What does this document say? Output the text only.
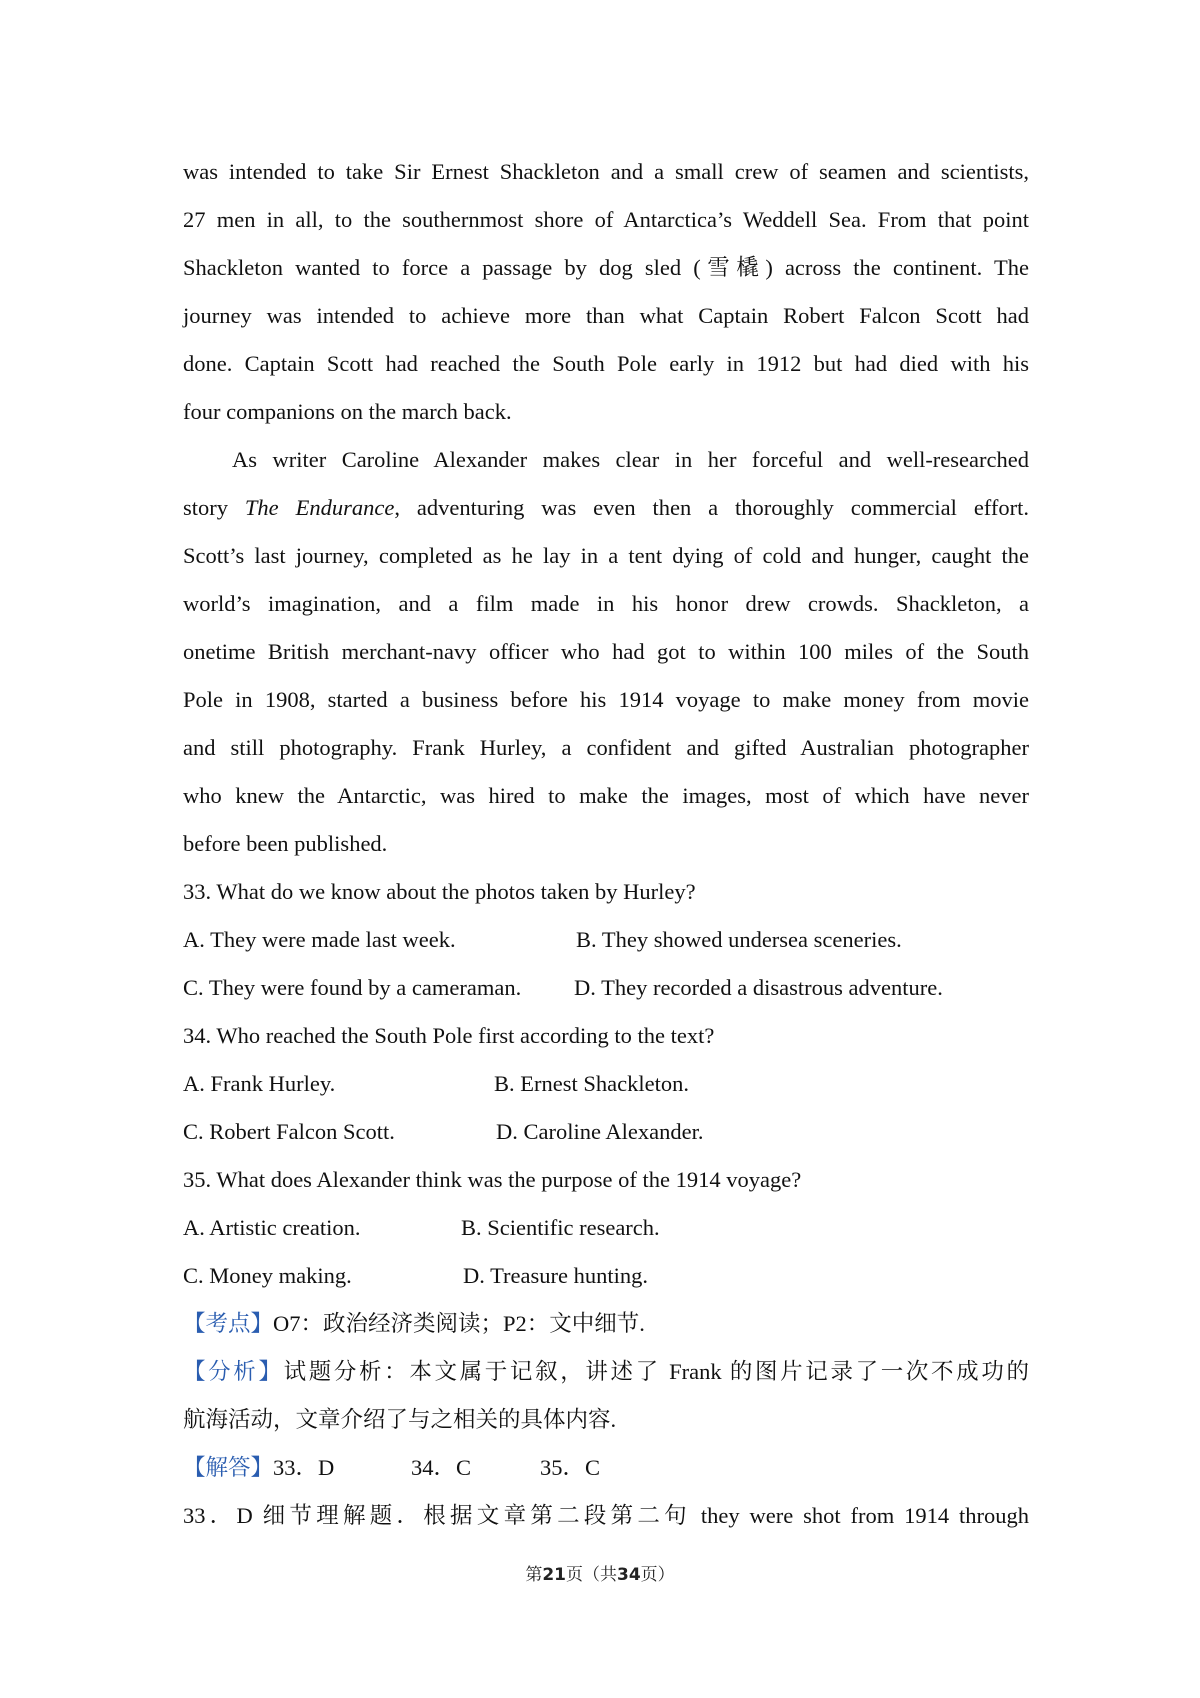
was intended to take Sir Ernest Shackleton and a small crew of seamen and scientists,
27 men in all, to the southernmost shore of Antarctica’s Weddell Sea. From that point
Shackleton wanted to force a passage by dog sled (雪橇) across the continent. The
journey was intended to achieve more than what Captain Robert Falcon Scott had
done. Captain Scott had reached the South Pole early in 1912 but had died with his
four companions on the march back.
As writer Caroline Alexander makes clear in her forceful and well-researched
story The Endurance, adventuring was even then a thoroughly commercial effort.
Scott’s last journey, completed as he lay in a tent dying of cold and hunger, caught the
world’s imagination, and a film made in his honor drew crowds. Shackleton, a
onetime British merchant-navy officer who had got to within 100 miles of the South
Pole in 1908, started a business before his 1914 voyage to make money from movie
and still photography. Frank Hurley, a confident and gifted Australian photographer
who knew the Antarctic, was hired to make the images, most of which have never
before been published.
33. What do we know about the photos taken by Hurley?
A. They were made last week.	B. They showed undersea sceneries.
C. They were found by a cameraman. D. They recorded a disastrous adventure.
34. Who reached the South Pole first according to the text?
A. Frank Hurley.	B. Ernest Shackleton.
C. Robert Falcon Scott.	D. Caroline Alexander.
35. What does Alexander think was the purpose of the 1914 voyage?
A. Artistic creation.	B. Scientific research.
C. Money making.	D. Treasure hunting.
【考点】O7：政治经济类阅读；P2：文中细节.
【分析】试题分析：本文属于记叙，讲述了 Frank 的图片记录了一次不成功的
航海活动，文章介绍了与之相关的具体内容.
【解答】33．D	34．C	35．C
33．D 细节理解题．根据文章第二段第二句 they were shot from 1914 through
第21页（共34页）
